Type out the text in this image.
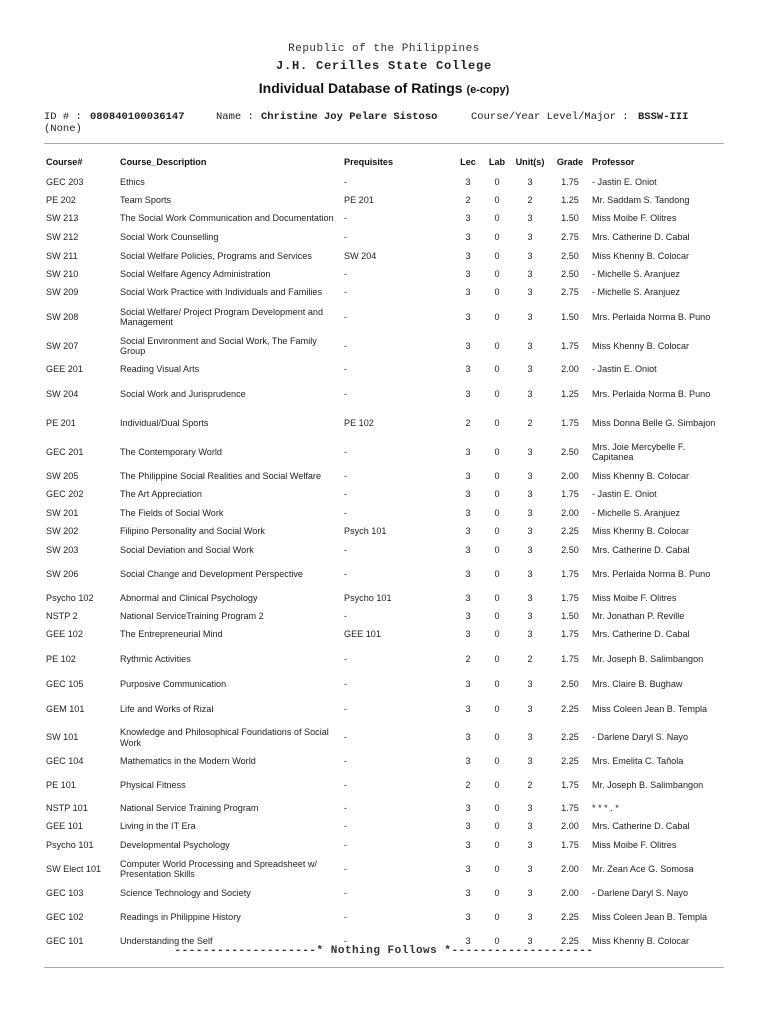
Republic of the Philippines
J.H. Cerilles State College
Individual Database of Ratings (e-copy)
ID # : 080840100036147
(None)
Name : Christine Joy Pelare Sistoso	Course/Year Level/Major : BSSW-III
Course#	Course_Description	Prequisites	Lec	Lab	Unit(s)	Grade	Professor
GEC 203	Ethics	-	3	0	3	1.75	- Jastin E. Oniot
PE 202	Team Sports	PE 201	2	0	2	1.25	Mr. Saddam S. Tandong
SW 213	The Social Work Communication and Documentation	-	3	0	3	1.50	Miss Moibe F. Olitres
SW 212	Social Work Counselling	-	3	0	3	2.75	Mrs. Catherine D. Cabal
SW 211	Social Welfare Policies, Programs and Services	SW 204	3	0	3	2.50	Miss Khenny B. Colocar
SW 210	Social Welfare Agency Administration	-	3	0	3	2.50	- Michelle S. Aranjuez
SW 209	Social Work Practice with Individuals and Families	-	3	0	3	2.75	- Michelle S. Aranjuez
SW 208	Social Welfare/ Project Program Development and Management	-	3	0	3	1.50	Mrs. Perlaida Norma B. Puno
SW 207	Social Environment and Social Work, The Family Group	-	3	0	3	1.75	Miss Khenny B. Colocar
GEE 201	Reading Visual Arts	-	3	0	3	2.00	- Jastin E. Oniot
SW 204	Social Work and Jurisprudence	-	3	0	3	1.25	Mrs. Perlaida Norma B. Puno
PE 201	Individual/Dual Sports	PE 102	2	0	2	1.75	Miss Donna Belle G. Simbajon
GEC 201	The Contemporary World	-	3	0	3	2.50	Mrs. Joie Mercybelle F. Capitanea
SW 205	The Philippine Social Realities and Social Welfare	-	3	0	3	2.00	Miss Khenny B. Colocar
GEC 202	The Art Appreciation	-	3	0	3	1.75	- Jastin E. Oniot
SW 201	The Fields of Social Work	-	3	0	3	2.00	- Michelle S. Aranjuez
SW 202	Filipino Personality and Social Work	Psych 101	3	0	3	2.25	Miss Khenny B. Colocar
SW 203	Social Deviation and Social Work	-	3	0	3	2.50	Mrs. Catherine D. Cabal
SW 206	Social Change and Development Perspective	-	3	0	3	1.75	Mrs. Perlaida Norma B. Puno
Psycho 102	Abnormal and Clinical Psychology	Psycho 101	3	0	3	1.75	Miss Moibe F. Olitres
NSTP 2	National ServiceTraining Program 2	-	3	0	3	1.50	Mr. Jonathan P. Reville
GEE 102	The Entrepreneurial Mind	GEE 101	3	0	3	1.75	Mrs. Catherine D. Cabal
PE 102	Rythmic Activities	-	2	0	2	1.75	Mr. Joseph B. Salimbangon
GEC 105	Purposive Communication	-	3	0	3	2.50	Mrs. Claire B. Bughaw
GEM 101	Life and Works of Rizal	-	3	0	3	2.25	Miss Coleen Jean B. Templa
SW 101	Knowledge and Philosophical Foundations of Social Work	-	3	0	3	2.25	- Darlene Daryl S. Nayo
GEC 104	Mathematics in the Modern World	-	3	0	3	2.25	Mrs. Emelita C. Tañola
PE 101	Physical Fitness	-	2	0	2	1.75	Mr. Joseph B. Salimbangon
NSTP 101	National Service Training Program	-	3	0	3	1.75	* * * . *
GEE 101	Living in the IT Era	-	3	0	3	2.00	Mrs. Catherine D. Cabal
Psycho 101	Developmental Psychology	-	3	0	3	1.75	Miss Moibe F. Olitres
SW Elect 101	Computer World Processing and Spreadsheet w/ Presentation Skills	-	3	0	3	2.00	Mr. Zean Ace G. Somosa
GEC 103	Science Technology and Society	-	3	0	3	2.00	- Darlene Daryl S. Nayo
GEC 102	Readings in Philippine History	-	3	0	3	2.25	Miss Coleen Jean B. Templa
GEC 101	Understanding the Self	-	3	0	3	2.25	Miss Khenny B. Colocar
--------------------* Nothing Follows *--------------------
